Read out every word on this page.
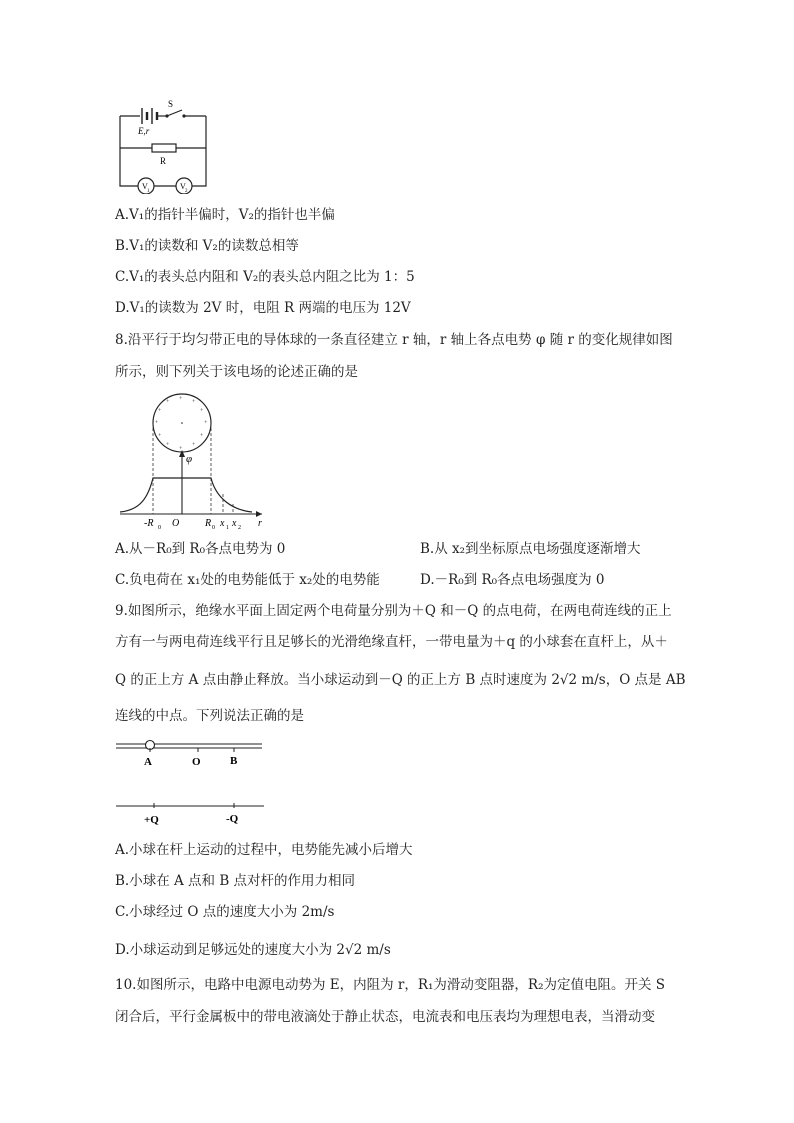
S
E,r
R
V
1
V
2
A.V₁的指针半偏时，V₂的指针也半偏
B.V₁的读数和 V₂的读数总相等
C.V₁的表头总内阻和 V₂的表头总内阻之比为 1：5
D.V₁的读数为 2V 时，电阻 R 两端的电压为 12V
8.沿平行于均匀带正电的导体球的一条直径建立 r 轴，r 轴上各点电势 φ 随 r 的变化规律如图
所示，则下列关于该电场的论述正确的是
+ +
+
+
+
+
+
+
+
+
+
+
φ
O	r
-R 0	R 0 x 1 x 2
A.从－R₀到 R₀各点电势为 0	B.从 x₂到坐标原点电场强度逐渐增大
C.负电荷在 x₁处的电势能低于 x₂处的电势能	D.－R₀到 R₀各点电场强度为 0
9.如图所示，绝缘水平面上固定两个电荷量分别为＋Q 和－Q 的点电荷，在两电荷连线的正上
方有一与两电荷连线平行且足够长的光滑绝缘直杆，一带电量为＋q 的小球套在直杆上，从＋
Q 的正上方 A 点由静止释放。当小球运动到－Q 的正上方 B 点时速度为 2√2 m/s，O 点是 AB
连线的中点。下列说法正确的是
A	O	B
+Q	-Q
A.小球在杆上运动的过程中，电势能先减小后增大
B.小球在 A 点和 B 点对杆的作用力相同
C.小球经过 O 点的速度大小为 2m/s
D.小球运动到足够远处的速度大小为 2√2 m/s
10.如图所示，电路中电源电动势为 E，内阻为 r，R₁为滑动变阻器，R₂为定值电阻。开关 S
闭合后，平行金属板中的带电液滴处于静止状态，电流表和电压表均为理想电表，当滑动变
